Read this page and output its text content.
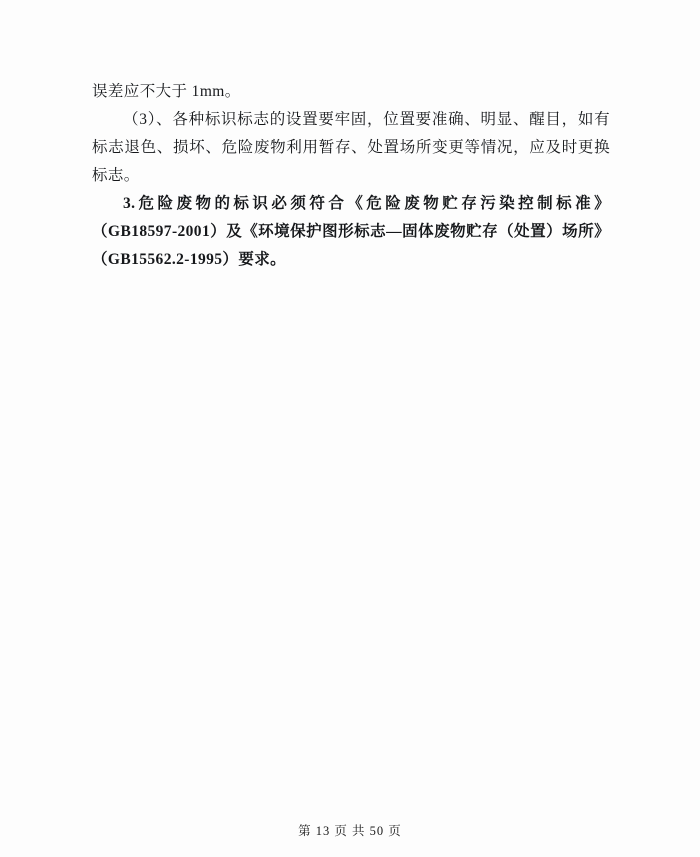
误差应不大于 1mm。

（3）、各种标识标志的设置要牢固，位置要准确、明显、醒目，如有标志退色、损坏、危险废物利用暂存、处置场所变更等情况，应及时更换标志。

3.危险废物的标识必须符合《危险废物贮存污染控制标准》（GB18597-2001）及《环境保护图形标志—固体废物贮存（处置）场所》（GB15562.2-1995）要求。

第 13 页 共 50 页
